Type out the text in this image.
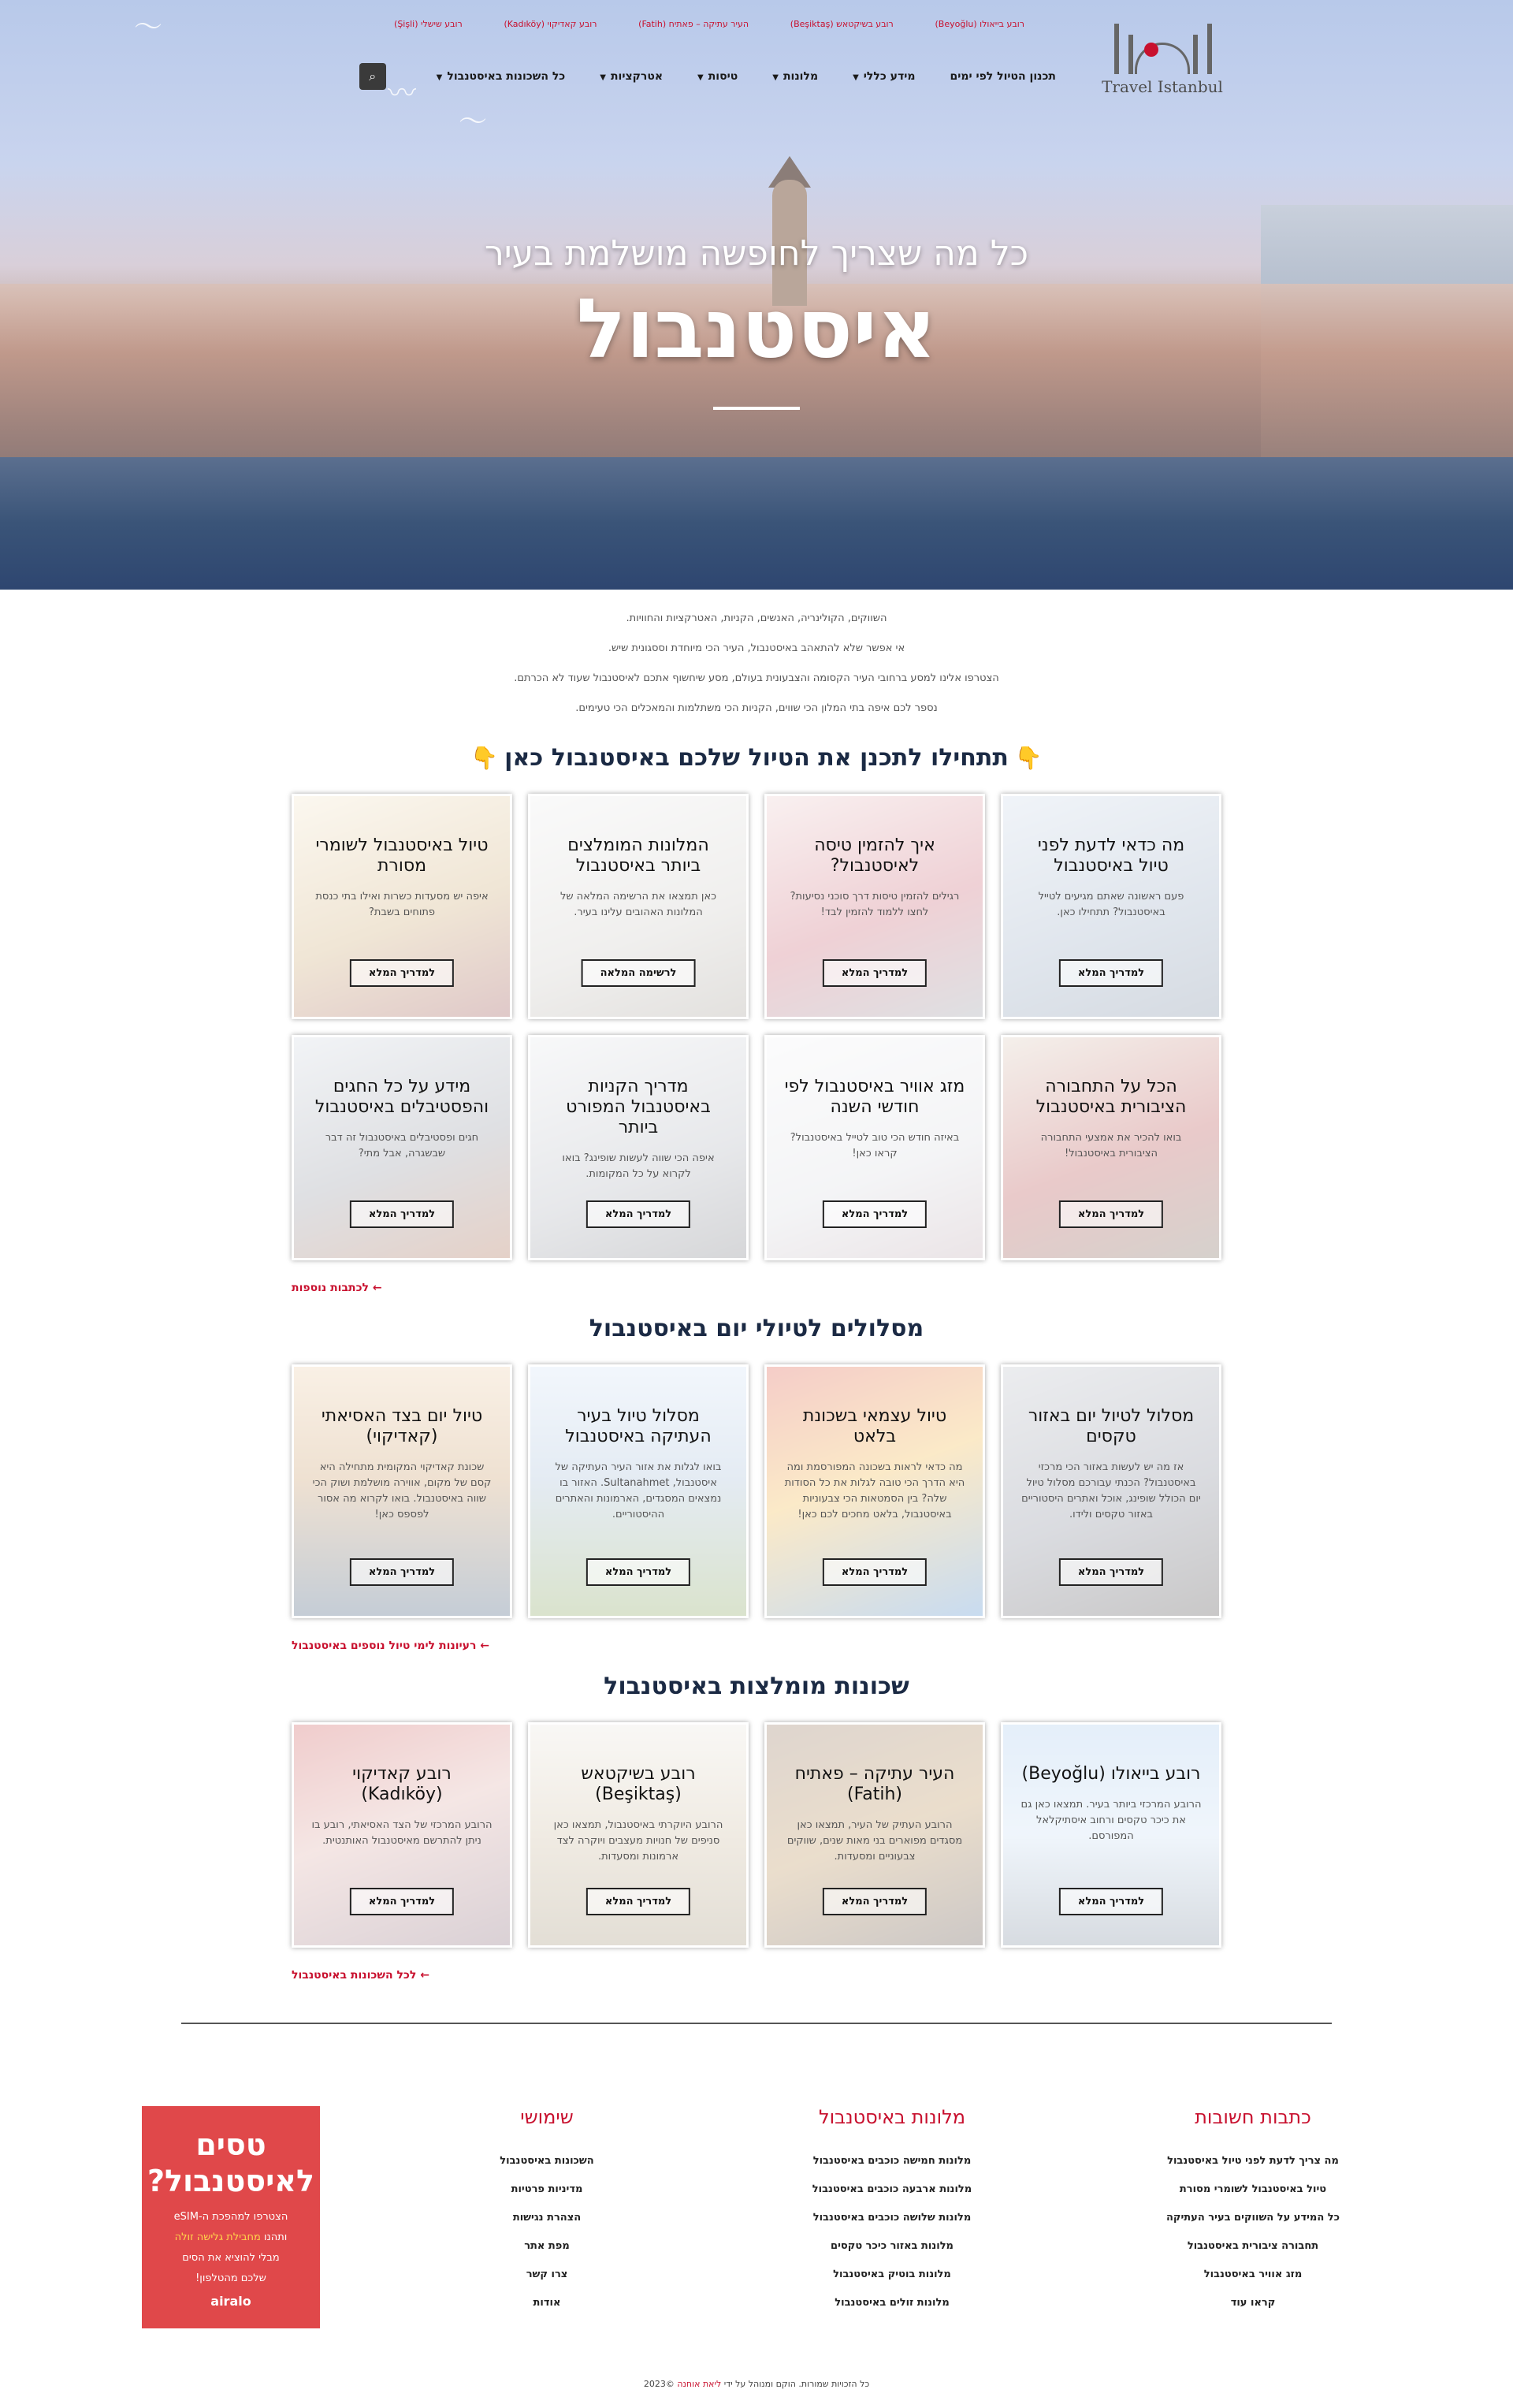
〜
〰
〜
רובע בייאולו (Beyoğlu)
רובע בשיקטאש (Beşiktaş)
העיר עתיקה – פאתיח (Fatih)
רובע קאדיקוי (Kadıköy)
רובע שישלי (Şişli)
Travel Istanbul
תכנון הטיול לפי ימים
מידע כללי▼
מלונות▼
טיסות▼
אטרקציות▼
כל השכונות באיסטנבול▼
⌕
כל מה שצריך לחופשה מושלמת בעיר
איסטנבול

השווקים, הקולינריה, האנשים, הקניות, האטרקציות והחוויות.

אי אפשר שלא להתאהב באיסטנבול, העיר הכי מיוחדת וססגונית שיש.

הצטרפו אלינו למסע ברחובי העיר הקסומה והצבעונית בעולם, מסע שיחשוף אתכם לאיסטנבול שעוד לא הכרתם.

נספר לכם איפה בתי המלון הכי שווים, הקניות הכי משתלמות והמאכלים הכי טעימים.

👇תתחילו לתכנן את הטיול שלכם באיסטנבול כאן👇
מה כדאי לדעת לפני טיול באיסטנבול

פעם ראשונה שאתם מגיעים לטייל באיסטנבול? תתחילו כאן.

למדריך המלא
איך להזמין טיסה לאיסטנבול?

רגילים להזמין טיסות דרך סוכני נסיעות? לחצו ללמוד להזמין לבד!

למדריך המלא
המלונות המומלצים ביותר באיסטנבול

כאן תמצאו את הרשימה המלאה של המלונות האהובים עלינו בעיר.

לרשימה המלאה
טיול באיסטנבול לשומרי מסורת

איפה יש מסעדות כשרות ואילו בתי כנסת פתוחים בשבת?

למדריך המלא
הכל על התחבורה הציבורית באיסטנבול

בואו להכיר את אמצעי התחבורה הציבורית באיסטנבול!

למדריך המלא
מזג אוויר באיסטנבול לפי חודשי השנה

באיזה חודש הכי טוב לטייל באיסטנבול? קראו כאן!

למדריך המלא
מדריך הקניות באיסטנבול המפורט ביותר

איפה הכי שווה לעשות שופינג? בואו לקרוא על כל המקומות.

למדריך המלא
מידע על כל החגים והפסטיבלים באיסטנבול

חגים ופסטיבלים באיסטנבול זה דבר שבשגרה, אבל מתי?

למדריך המלא
← לכתבות נוספות
מסלולים לטיולי יום באיסטנבול
מסלול לטיול יום באזור טקסים

אז מה יש לעשות באזור הכי מרכזי באיסטנבול? הכנתי עבורכם מסלול טיול יום הכולל שופינג, אוכל ואתרים היסטוריים באזור טקסים ולידו.

למדריך המלא
טיול עצמאי בשכונת בלאט

מה כדאי לראות בשכונה המפורסמת ומה היא הדרך הכי טובה לגלות את כל הסודות שלה? בין הסמטאות הכי צבעוניות באיסטנבול, בלאט מחכים לכם כאן!

למדריך המלא
מסלול טיול בעיר העתיקה באיסטנבול

בואו לגלות את אזור העיר העתיקה של איסטנבול, Sultanahmet. האזור בו נמצאים המסגדים, הארמונות והאתרים ההיסטוריים.

למדריך המלא
טיול יום בצד האסיאתי (קאדיקוי)

שכונת קאדיקוי המקומית מתחילה היא קסם של מקום, אווירה מושלמת ושוק הכי שווה באיסטנבול. בואו לקרוא מה אסור לפספס כאן!

למדריך המלא
← רעיונות לימי טיול נוספים באיסטנבול
שכונות מומלצות באיסטנבול
רובע בייאולו (Beyoğlu)

הרובע המרכזי ביותר בעיר. תמצאו כאן גם את כיכר טקסים ורחוב איסתיקלאל המפורסם.

למדריך המלא
העיר עתיקה – פאתיח (Fatih)

הרובע העתיק של העיר, תמצאו כאן מסגדים מפוארים בני מאות שנים, שווקים צבעוניים ומסעדות.

למדריך המלא
רובע בשיקטאש (Beşiktaş)

הרובע היוקרתי באיסטנבול, תמצאו כאן סניפים של חנויות מעצבים ויוקרה לצד ארמונות ומסעדות.

למדריך המלא
רובע קאדיקוי (Kadıköy)

הרובע המרכזי של הצד האסיאתי, רובע בו ניתן להתרשם מאיסטנבול האותנטית.

למדריך המלא
← לכל השכונות באיסטנבול
כתבות חשובות
מה צריך לדעת לפני טיול באיסטנבול
טיול באיסטנבול לשומרי מסורת
כל המידע על השווקים בעיר העתיקה
תחבורה ציבורית באיסטנבול
מזג אוויר באיסטנבול
קראו עוד
מלונות באיסטנבול
מלונות חמישה כוכבים באיסטנבול
מלונות ארבעה כוכבים באיסטנבול
מלונות שלושה כוכבים באיסטנבול
מלונות באזור כיכר טקסים
מלונות בוטיק באיסטנבול
מלונות זולים באיסטנבול
שימושי
השכונות באיסטנבול
מדיניות פרטיות
הצהרת נגישות
מפת אתר
צרו קשר
אודות
טסים לאיסטנבול?
הצטרפו למהפכת ה-eSIM
ותהנו מחבילת גלישה זולה
מבלי להוציא את הסים
שלכם מהטלפון!
airalo
כל הזכויות שמורות. הוקם ומנוהל על ידי ליאת אוחנה ©2023
